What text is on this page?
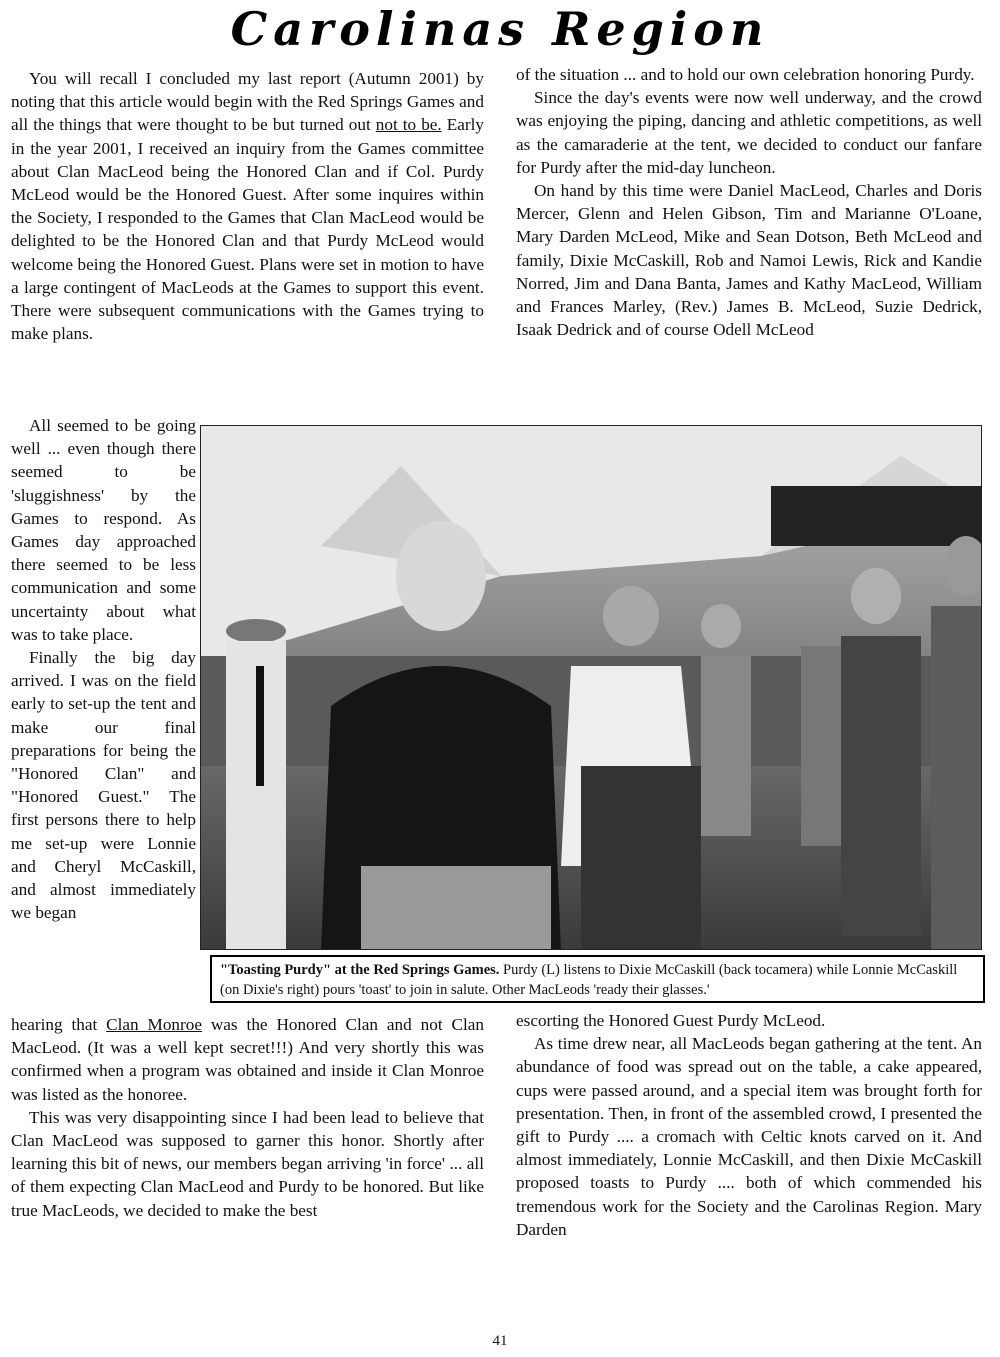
Carolinas Region

You will recall I concluded my last report (Autumn 2001) by noting that this article would begin with the Red Springs Games and all the things that were thought to be but turned out not to be. Early in the year 2001, I received an inquiry from the Games committee about Clan MacLeod being the Honored Clan and if Col. Purdy McLeod would be the Honored Guest. After some inquires within the Society, I responded to the Games that Clan MacLeod would be delighted to be the Honored Clan and that Purdy McLeod would welcome being the Honored Guest. Plans were set in motion to have a large contingent of MacLeods at the Games to support this event. There were subsequent communications with the Games trying to make plans.

All seemed to be going well ... even though there seemed to be 'sluggishness' by the Games to respond. As Games day approached there seemed to be less communication and some uncertainty about what was to take place.

Finally the big day arrived. I was on the field early to set-up the tent and make our final preparations for being the "Honored Clan" and "Honored Guest." The first persons there to help me set-up were Lonnie and Cheryl McCaskill, and almost immediately we began

hearing that Clan Monroe was the Honored Clan and not Clan MacLeod. (It was a well kept secret!!!) And very shortly this was confirmed when a program was obtained and inside it Clan Monroe was listed as the honoree.

This was very disappointing since I had been lead to believe that Clan MacLeod was supposed to garner this honor. Shortly after learning this bit of news, our members began arriving 'in force' ... all of them expecting Clan MacLeod and Purdy to be honored. But like true MacLeods, we decided to make the best

of the situation ... and to hold our own celebration honoring Purdy.

Since the day's events were now well underway, and the crowd was enjoying the piping, dancing and athletic competitions, as well as the camaraderie at the tent, we decided to conduct our fanfare for Purdy after the mid-day luncheon.

On hand by this time were Daniel MacLeod, Charles and Doris Mercer, Glenn and Helen Gibson, Tim and Marianne O'Loane, Mary Darden McLeod, Mike and Sean Dotson, Beth McLeod and family, Dixie McCaskill, Rob and Namoi Lewis, Rick and Kandie Norred, Jim and Dana Banta, James and Kathy MacLeod, William and Frances Marley, (Rev.) James B. McLeod, Suzie Dedrick, Isaak Dedrick and of course Odell McLeod

"Toasting Purdy" at the Red Springs Games. Purdy (L) listens to Dixie McCaskill (back tocamera) while Lonnie McCaskill (on Dixie's right) pours 'toast' to join in salute. Other MacLeods 'ready their glasses.'

escorting the Honored Guest Purdy McLeod.

As time drew near, all MacLeods began gathering at the tent. An abundance of food was spread out on the table, a cake appeared, cups were passed around, and a special item was brought forth for presentation. Then, in front of the assembled crowd, I presented the gift to Purdy .... a cromach with Celtic knots carved on it. And almost immediately, Lonnie McCaskill, and then Dixie McCaskill proposed toasts to Purdy .... both of which commended his tremendous work for the Society and the Carolinas Region. Mary Darden

41
